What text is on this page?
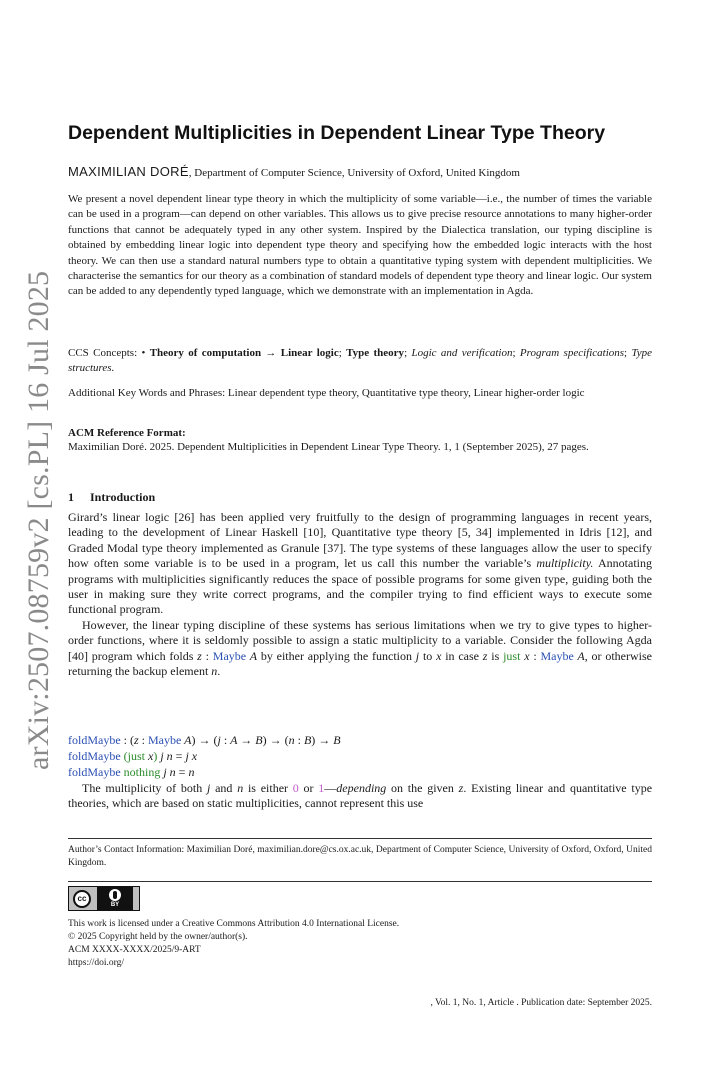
arXiv:2507.08759v2 [cs.PL] 16 Jul 2025
Dependent Multiplicities in Dependent Linear Type Theory
MAXIMILIAN DORÉ, Department of Computer Science, University of Oxford, United Kingdom
We present a novel dependent linear type theory in which the multiplicity of some variable—i.e., the number of times the variable can be used in a program—can depend on other variables. This allows us to give precise resource annotations to many higher-order functions that cannot be adequately typed in any other system. Inspired by the Dialectica translation, our typing discipline is obtained by embedding linear logic into dependent type theory and specifying how the embedded logic interacts with the host theory. We can then use a standard natural numbers type to obtain a quantitative typing system with dependent multiplicities. We characterise the semantics for our theory as a combination of standard models of dependent type theory and linear logic. Our system can be added to any dependently typed language, which we demonstrate with an implementation in Agda.
CCS Concepts: • Theory of computation → Linear logic; Type theory; Logic and verification; Program specifications; Type structures.
Additional Key Words and Phrases: Linear dependent type theory, Quantitative type theory, Linear higher-order logic
ACM Reference Format:
Maximilian Doré. 2025. Dependent Multiplicities in Dependent Linear Type Theory. 1, 1 (September 2025), 27 pages.
1 Introduction

Girard’s linear logic [26] has been applied very fruitfully to the design of programming languages in recent years, leading to the development of Linear Haskell [10], Quantitative type theory [5, 34] implemented in Idris [12], and Graded Modal type theory implemented as Granule [37]. The type systems of these languages allow the user to specify how often some variable is to be used in a program, let us call this number the variable’s multiplicity. Annotating programs with multiplicities significantly reduces the space of possible programs for some given type, guiding both the user in making sure they write correct programs, and the compiler trying to find efficient ways to execute some functional program.

However, the linear typing discipline of these systems has serious limitations when we try to give types to higher-order functions, where it is seldomly possible to assign a static multiplicity to a variable. Consider the following Agda [40] program which folds z : Maybe A by either applying the function j to x in case z is just x : Maybe A, or otherwise returning the backup element n.

foldMaybe : (z : Maybe A) → (j : A → B) → (n : B) → B
foldMaybe (just x) j n = j x
foldMaybe nothing j n = n
The multiplicity of both j and n is either 0 or 1—depending on the given z. Existing linear and quantitative type theories, which are based on static multiplicities, cannot represent this use
Author’s Contact Information: Maximilian Doré, maximilian.dore@cs.ox.ac.uk, Department of Computer Science, University of Oxford, Oxford, United Kingdom.
cc
BY
This work is licensed under a Creative Commons Attribution 4.0 International License.
© 2025 Copyright held by the owner/author(s).
ACM XXXX-XXXX/2025/9-ART
https://doi.org/
, Vol. 1, No. 1, Article . Publication date: September 2025.
